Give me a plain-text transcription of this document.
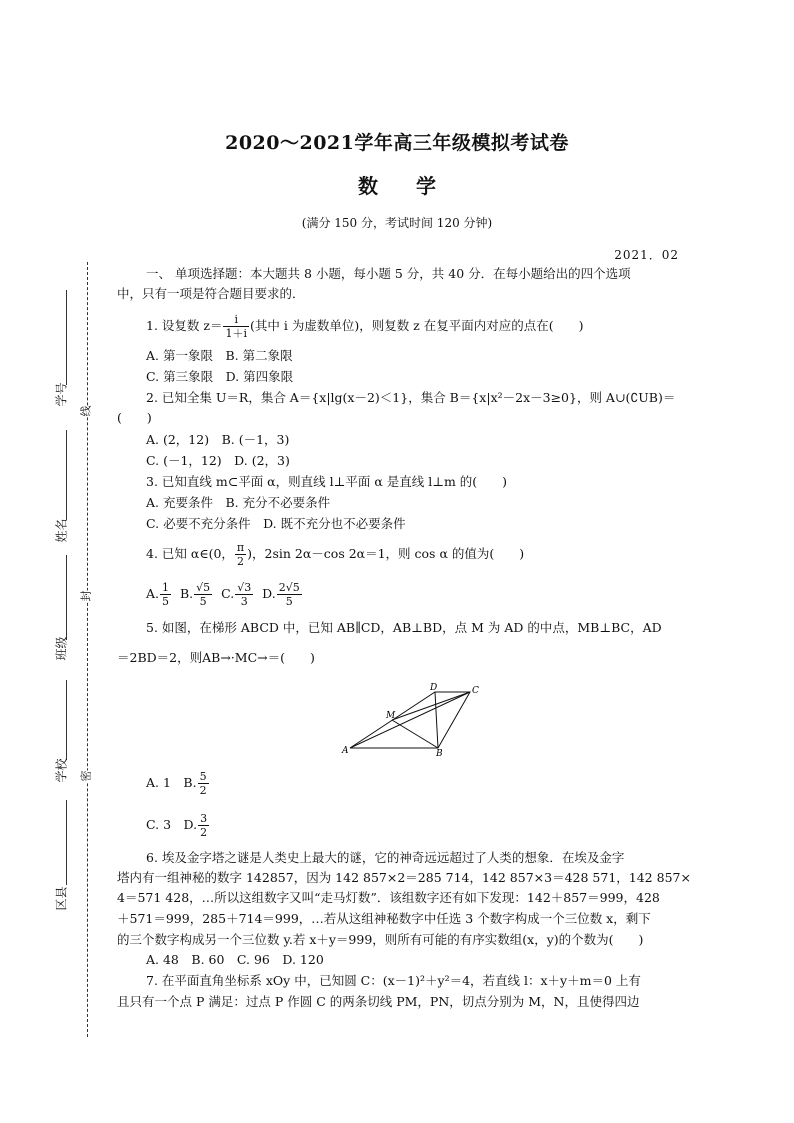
2020～2021学年高三年级模拟考试卷
数学
(满分 150 分，考试时间 120 分钟)
2021．02
学号
姓名
班级
学校
区县
线
封
密
一、 单项选择题：本大题共 8 小题，每小题 5 分，共 40 分．在每小题给出的四个选项
中，只有一项是符合题目要求的．
1. 设复数 $z= \frac{i}{1+i}$ (其中 i 为虚数单位)，则复数 z 在复平面内对应的点在(　　)
A. 第一象限　B. 第二象限
C. 第三象限　D. 第四象限
2. 已知全集 U＝R，集合 A＝{x|lg(x－2)＜1}，集合 B＝{x|x²－2x－3≥0}，则 A∪(∁UB)＝
(　　)
A. (2，12)　B. (－1，3)
C. (－1，12)　D. (2，3)
3. 已知直线 m⊂平面 α，则直线 l⊥平面 α 是直线 l⊥m 的(　　)
A. 充要条件　B. 充分不必要条件
C. 必要不充分条件　D. 既不充分也不必要条件
4. 已知 α∈(0， $\frac{\pi}{2}$ )，2sin 2α－cos 2α＝1，则 cos α 的值为(　　)
A. $\frac{1}{5} B$. $\frac{√5}{5} C$. $\frac{√3}{3} D$. $\frac{2√5}{5}$
5. 如图，在梯形 ABCD 中，已知 AB∥CD，AB⊥BD，点 M 为 AD 的中点，MB⊥BC，AD
＝2BD＝2，则AB→·MC→＝(　　)
A	B
C
D
M
A. 1　B. $\frac{5}{2}$
C. 3　D. $\frac{3}{2}$
6. 埃及金字塔之谜是人类史上最大的谜，它的神奇远远超过了人类的想象．在埃及金字
塔内有一组神秘的数字 142857，因为 142 857×2＝285 714，142 857×3＝428 571，142 857×
4＝571 428，…所以这组数字又叫“走马灯数”．该组数字还有如下发现：142＋857＝999，428
＋571＝999，285＋714＝999，…若从这组神秘数字中任选 3 个数字构成一个三位数 x，剩下
的三个数字构成另一个三位数 y.若 x＋y＝999，则所有可能的有序实数组(x，y)的个数为(　　)
A. 48　B. 60　C. 96　D. 120
7. 在平面直角坐标系 xOy 中，已知圆 C：(x－1)²＋y²＝4，若直线 l：x＋y＋m＝0 上有
且只有一个点 P 满足：过点 P 作圆 C 的两条切线 PM，PN，切点分别为 M，N，且使得四边
